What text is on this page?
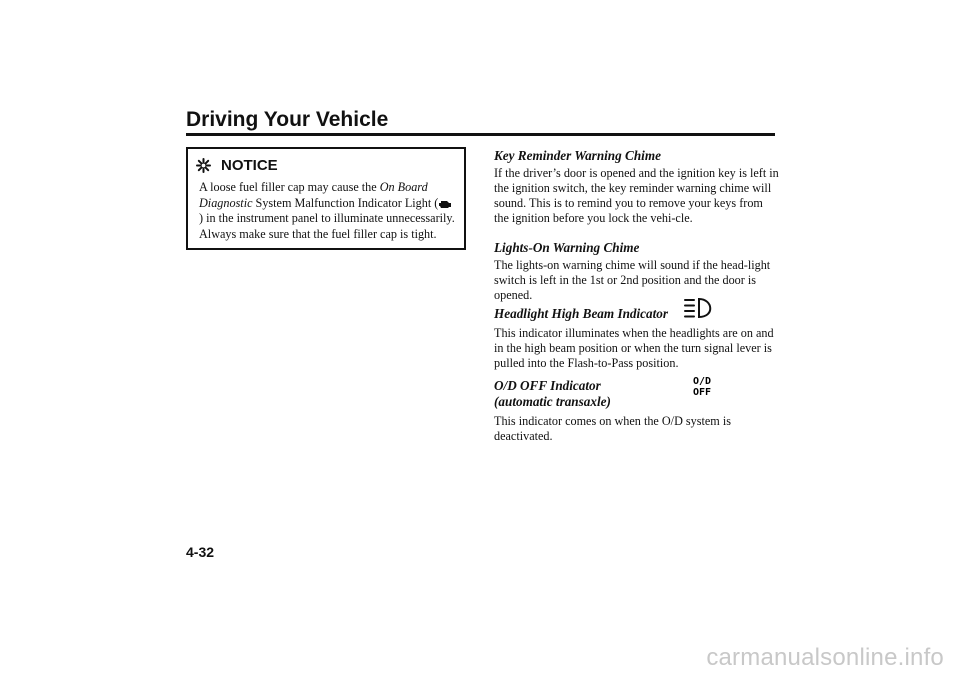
Driving Your Vehicle
NOTICE
A loose fuel filler cap may cause the On Board Diagnostic System Malfunction Indicator Light ( ) in the instrument panel to illuminate unnecessarily. Always make sure that the fuel filler cap is tight.
Key Reminder Warning Chime
If the driver’s door is opened and the ignition key is left in the ignition switch, the key reminder warning chime will sound. This is to remind you to remove your keys from the ignition before you lock the vehi-cle.
Lights-On Warning Chime
The lights-on warning chime will sound if the head-light switch is left in the 1st or 2nd position and the door is opened.
Headlight High Beam Indicator
This indicator illuminates when the headlights are on and in the high beam position or when the turn signal lever is pulled into the Flash-to-Pass position.
O/D OFF Indicator
(automatic transaxle)
This indicator comes on when the O/D system is deactivated.
O/D
OFF
4-32
carmanualsonline.info
